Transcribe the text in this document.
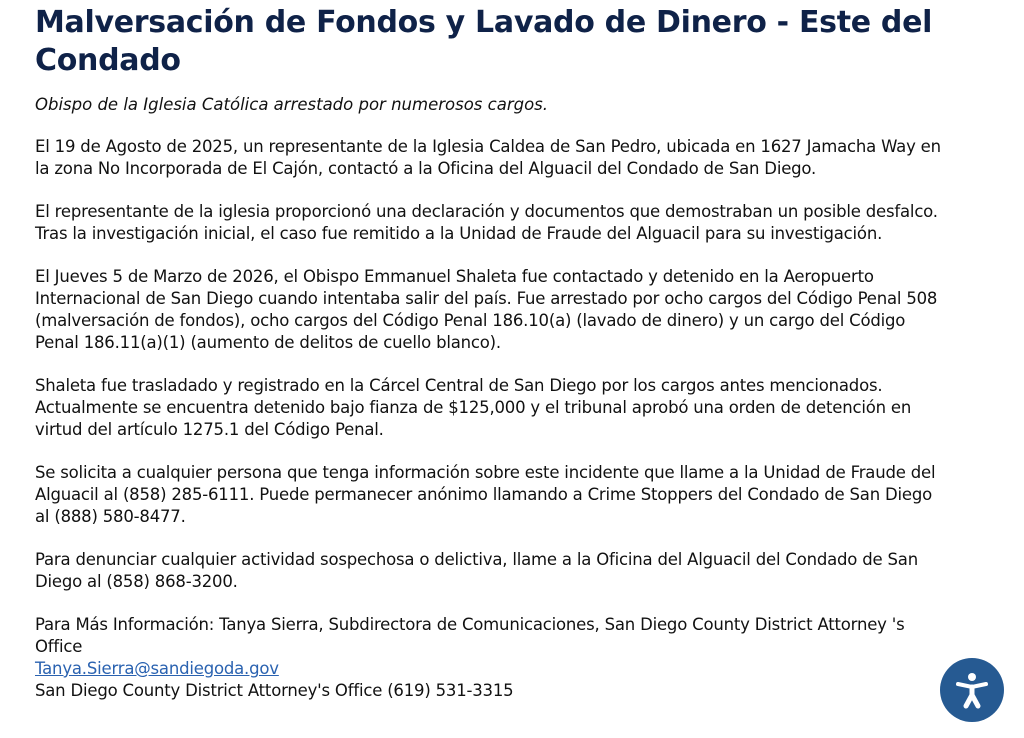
Malversación de Fondos y Lavado de Dinero - Este del Condado
Obispo de la Iglesia Católica arrestado por numerosos cargos.

El 19 de Agosto de 2025, un representante de la Iglesia Caldea de San Pedro, ubicada en 1627 Jamacha Way en la zona No Incorporada de El Cajón, contactó a la Oficina del Alguacil del Condado de San Diego.

El representante de la iglesia proporcionó una declaración y documentos que demostraban un posible desfalco. Tras la investigación inicial, el caso fue remitido a la Unidad de Fraude del Alguacil para su investigación.

El Jueves 5 de Marzo de 2026, el Obispo Emmanuel Shaleta fue contactado y detenido en la Aeropuerto Internacional de San Diego cuando intentaba salir del país. Fue arrestado por ocho cargos del Código Penal 508 (malversación de fondos), ocho cargos del Código Penal 186.10(a) (lavado de dinero) y un cargo del Código Penal 186.11(a)(1) (aumento de delitos de cuello blanco).

Shaleta fue trasladado y registrado en la Cárcel Central de San Diego por los cargos antes mencionados. Actualmente se encuentra detenido bajo fianza de $125,000 y el tribunal aprobó una orden de detención en virtud del artículo 1275.1 del Código Penal.

Se solicita a cualquier persona que tenga información sobre este incidente que llame a la Unidad de Fraude del Alguacil al (858) 285-6111. Puede permanecer anónimo llamando a Crime Stoppers del Condado de San Diego al (888) 580-8477.

Para denunciar cualquier actividad sospechosa o delictiva, llame a la Oficina del Alguacil del Condado de San Diego al (858) 868-3200.

Para Más Información: Tanya Sierra, Subdirectora de Comunicaciones, San Diego County District Attorney 's Office

Tanya.Sierra@sandiegoda.gov

San Diego County District Attorney's Office (619) 531-3315
